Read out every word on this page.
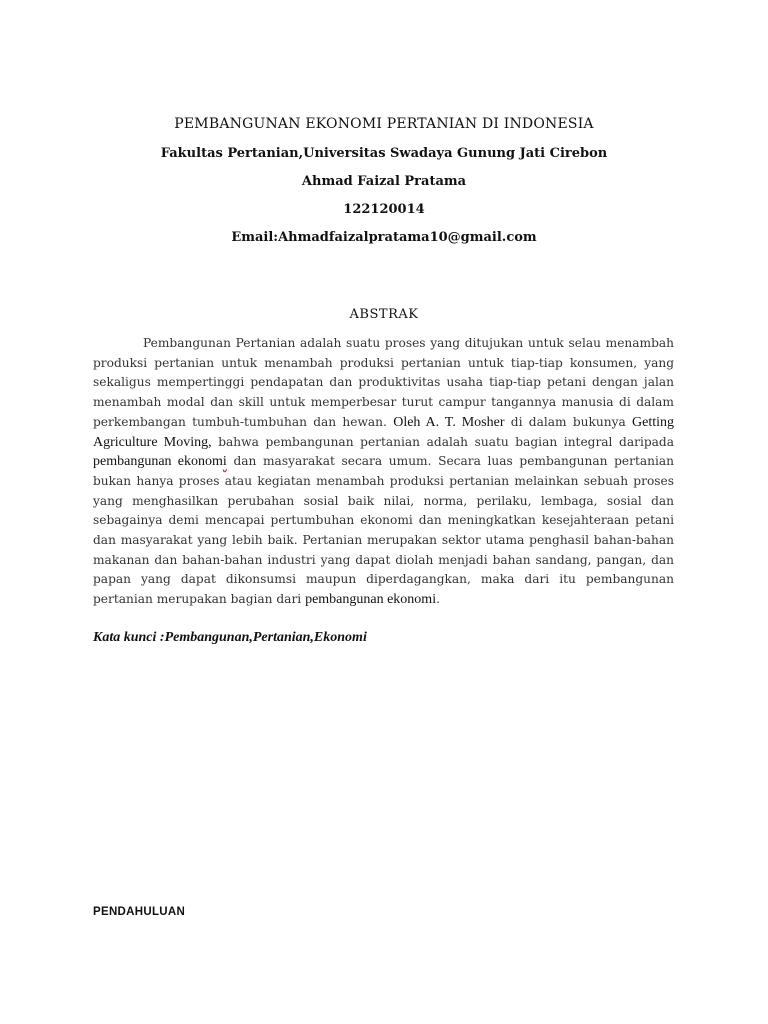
PEMBANGUNAN EKONOMI PERTANIAN DI INDONESIA

Fakultas Pertanian,Universitas Swadaya Gunung Jati Cirebon

Ahmad Faizal Pratama

122120014

Email:Ahmadfaizalpratama10@gmail.com

ABSTRAK

Pembangunan Pertanian adalah suatu proses yang ditujukan untuk selau menambah produksi pertanian untuk menambah produksi pertanian untuk tiap-tiap konsumen, yang sekaligus mempertinggi pendapatan dan produktivitas usaha tiap-tiap petani dengan jalan menambah modal dan skill untuk memperbesar turut campur tangannya manusia di dalam perkembangan tumbuh-tumbuhan dan hewan. Oleh A. T. Mosher di dalam bukunya Getting Agriculture Moving, bahwa pembangunan pertanian adalah suatu bagian integral daripada pembangunan ekonomi dan masyarakat secara umum. Secara luas pembangunan pertanian bukan hanya proses atau kegiatan menambah produksi pertanian melainkan sebuah proses yang menghasilkan perubahan sosial baik nilai, norma, perilaku, lembaga, sosial dan sebagainya demi mencapai pertumbuhan ekonomi dan meningkatkan kesejahteraan petani dan masyarakat yang lebih baik. Pertanian merupakan sektor utama penghasil bahan-bahan makanan dan bahan-bahan industri yang dapat diolah menjadi bahan sandang, pangan, dan papan yang dapat dikonsumsi maupun diperdagangkan, maka dari itu pembangunan pertanian merupakan bagian dari pembangunan ekonomi.

Kata kunci :Pembangunan,Pertanian,Ekonomi
PENDAHULUAN
